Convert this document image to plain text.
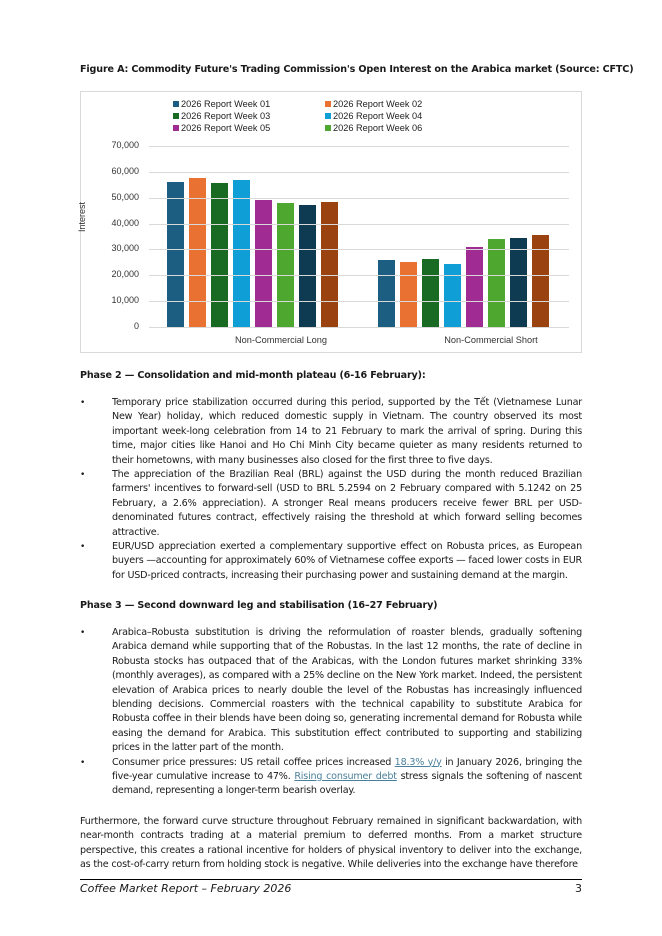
Figure A: Commodity Future's Trading Commission's Open Interest on the Arabica market (Source: CFTC)
2026 Report Week 01	2026 Report Week 02
2026 Report Week 03	2026 Report Week 04
2026 Report Week 05	2026 Report Week 06
Interest
0
10,000
20,000
30,000
40,000
50,000
60,000
70,000
Non-Commercial Long	Non-Commercial Short
Phase 2 — Consolidation and mid-month plateau (6-16 February):
•	Temporary price stabilization occurred during this period, supported by the Tết (Vietnamese Lunar New Year) holiday, which reduced domestic supply in Vietnam. The country observed its most important week-long celebration from 14 to 21 February to mark the arrival of spring. During this time, major cities like Hanoi and Ho Chi Minh City became quieter as many residents returned to their hometowns, with many businesses also closed for the first three to five days.
•	The appreciation of the Brazilian Real (BRL) against the USD during the month reduced Brazilian farmers' incentives to forward-sell (USD to BRL 5.2594 on 2 February compared with 5.1242 on 25 February, a 2.6% appreciation). A stronger Real means producers receive fewer BRL per USD-denominated futures contract, effectively raising the threshold at which forward selling becomes attractive.
•	EUR/USD appreciation exerted a complementary supportive effect on Robusta prices, as European buyers —accounting for approximately 60% of Vietnamese coffee exports — faced lower costs in EUR for USD-priced contracts, increasing their purchasing power and sustaining demand at the margin.
Phase 3 — Second downward leg and stabilisation (16–27 February)
•	Arabica–Robusta substitution is driving the reformulation of roaster blends, gradually softening Arabica demand while supporting that of the Robustas. In the last 12 months, the rate of decline in Robusta stocks has outpaced that of the Arabicas, with the London futures market shrinking 33% (monthly averages), as compared with a 25% decline on the New York market. Indeed, the persistent elevation of Arabica prices to nearly double the level of the Robustas has increasingly influenced blending decisions. Commercial roasters with the technical capability to substitute Arabica for Robusta coffee in their blends have been doing so, generating incremental demand for Robusta while easing the demand for Arabica. This substitution effect contributed to supporting and stabilizing prices in the latter part of the month.
•	Consumer price pressures: US retail coffee prices increased 18.3% y/y in January 2026, bringing the five-year cumulative increase to 47%. Rising consumer debt stress signals the softening of nascent demand, representing a longer-term bearish overlay.

Furthermore, the forward curve structure throughout February remained in significant backwardation, with near-month contracts trading at a material premium to deferred months. From a market structure perspective, this creates a rational incentive for holders of physical inventory to deliver into the exchange, as the cost-of-carry return from holding stock is negative. While deliveries into the exchange have therefore

Coffee Market Report – February 2026	3
